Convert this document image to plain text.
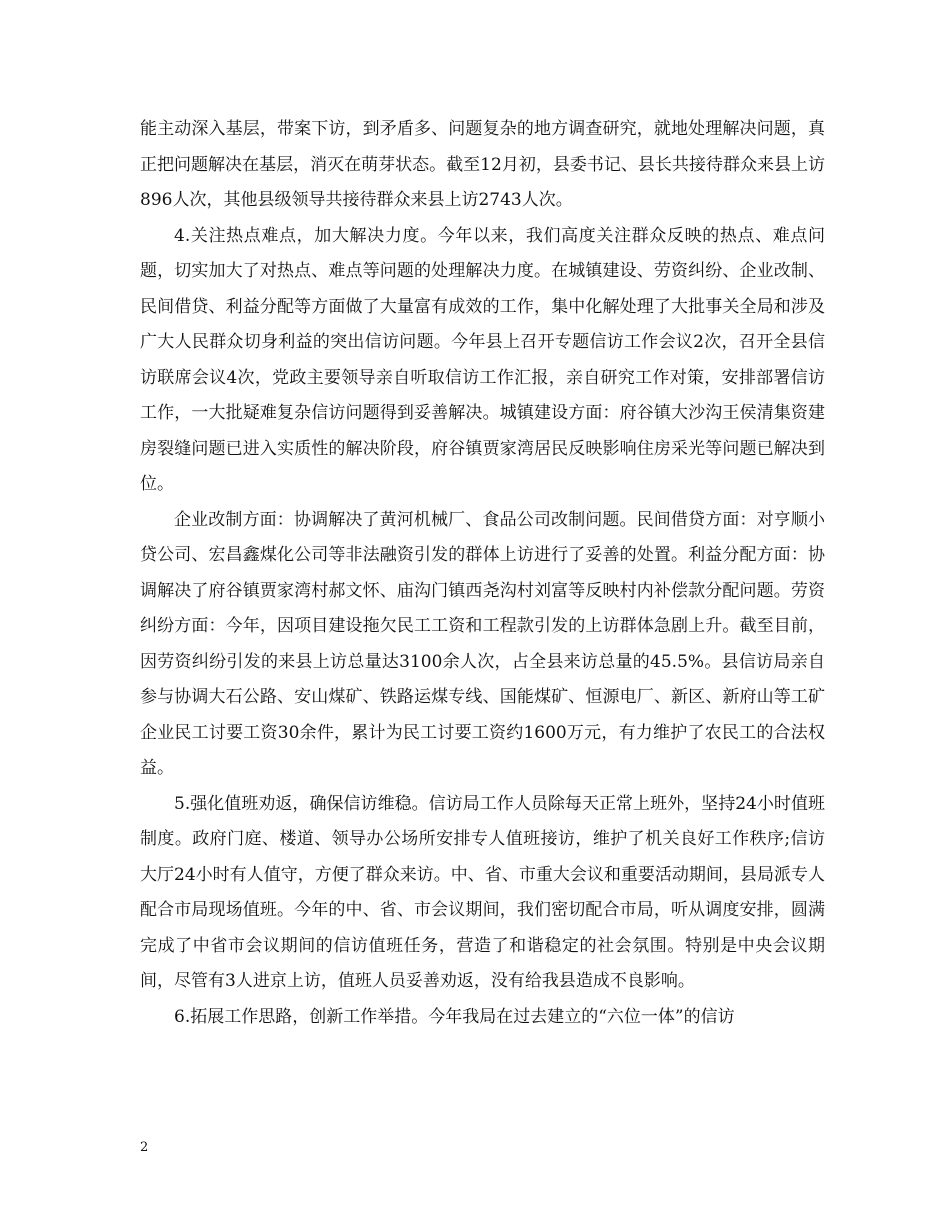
能主动深入基层，带案下访，到矛盾多、问题复杂的地方调查研究，就地处理解决问题，真正把问题解决在基层，消灭在萌芽状态。截至12月初，县委书记、县长共接待群众来县上访896人次，其他县级领导共接待群众来县上访2743人次。

4.关注热点难点，加大解决力度。今年以来，我们高度关注群众反映的热点、难点问题，切实加大了对热点、难点等问题的处理解决力度。在城镇建设、劳资纠纷、企业改制、民间借贷、利益分配等方面做了大量富有成效的工作，集中化解处理了大批事关全局和涉及广大人民群众切身利益的突出信访问题。今年县上召开专题信访工作会议2次，召开全县信访联席会议4次，党政主要领导亲自听取信访工作汇报，亲自研究工作对策，安排部署信访工作，一大批疑难复杂信访问题得到妥善解决。城镇建设方面：府谷镇大沙沟王侯清集资建房裂缝问题已进入实质性的解决阶段，府谷镇贾家湾居民反映影响住房采光等问题已解决到位。

企业改制方面：协调解决了黄河机械厂、食品公司改制问题。民间借贷方面：对亨顺小贷公司、宏昌鑫煤化公司等非法融资引发的群体上访进行了妥善的处置。利益分配方面：协调解决了府谷镇贾家湾村郝文怀、庙沟门镇西尧沟村刘富等反映村内补偿款分配问题。劳资纠纷方面：今年，因项目建设拖欠民工工资和工程款引发的上访群体急剧上升。截至目前，因劳资纠纷引发的来县上访总量达3100余人次，占全县来访总量的45.5%。县信访局亲自参与协调大石公路、安山煤矿、铁路运煤专线、国能煤矿、恒源电厂、新区、新府山等工矿企业民工讨要工资30余件，累计为民工讨要工资约1600万元，有力维护了农民工的合法权益。

5.强化值班劝返，确保信访维稳。信访局工作人员除每天正常上班外，坚持24小时值班制度。政府门庭、楼道、领导办公场所安排专人值班接访，维护了机关良好工作秩序;信访大厅24小时有人值守，方便了群众来访。中、省、市重大会议和重要活动期间，县局派专人配合市局现场值班。今年的中、省、市会议期间，我们密切配合市局，听从调度安排，圆满完成了中省市会议期间的信访值班任务，营造了和谐稳定的社会氛围。特别是中央会议期间，尽管有3人进京上访，值班人员妥善劝返，没有给我县造成不良影响。

6.拓展工作思路，创新工作举措。今年我局在过去建立的“六位一体”的信访

2
